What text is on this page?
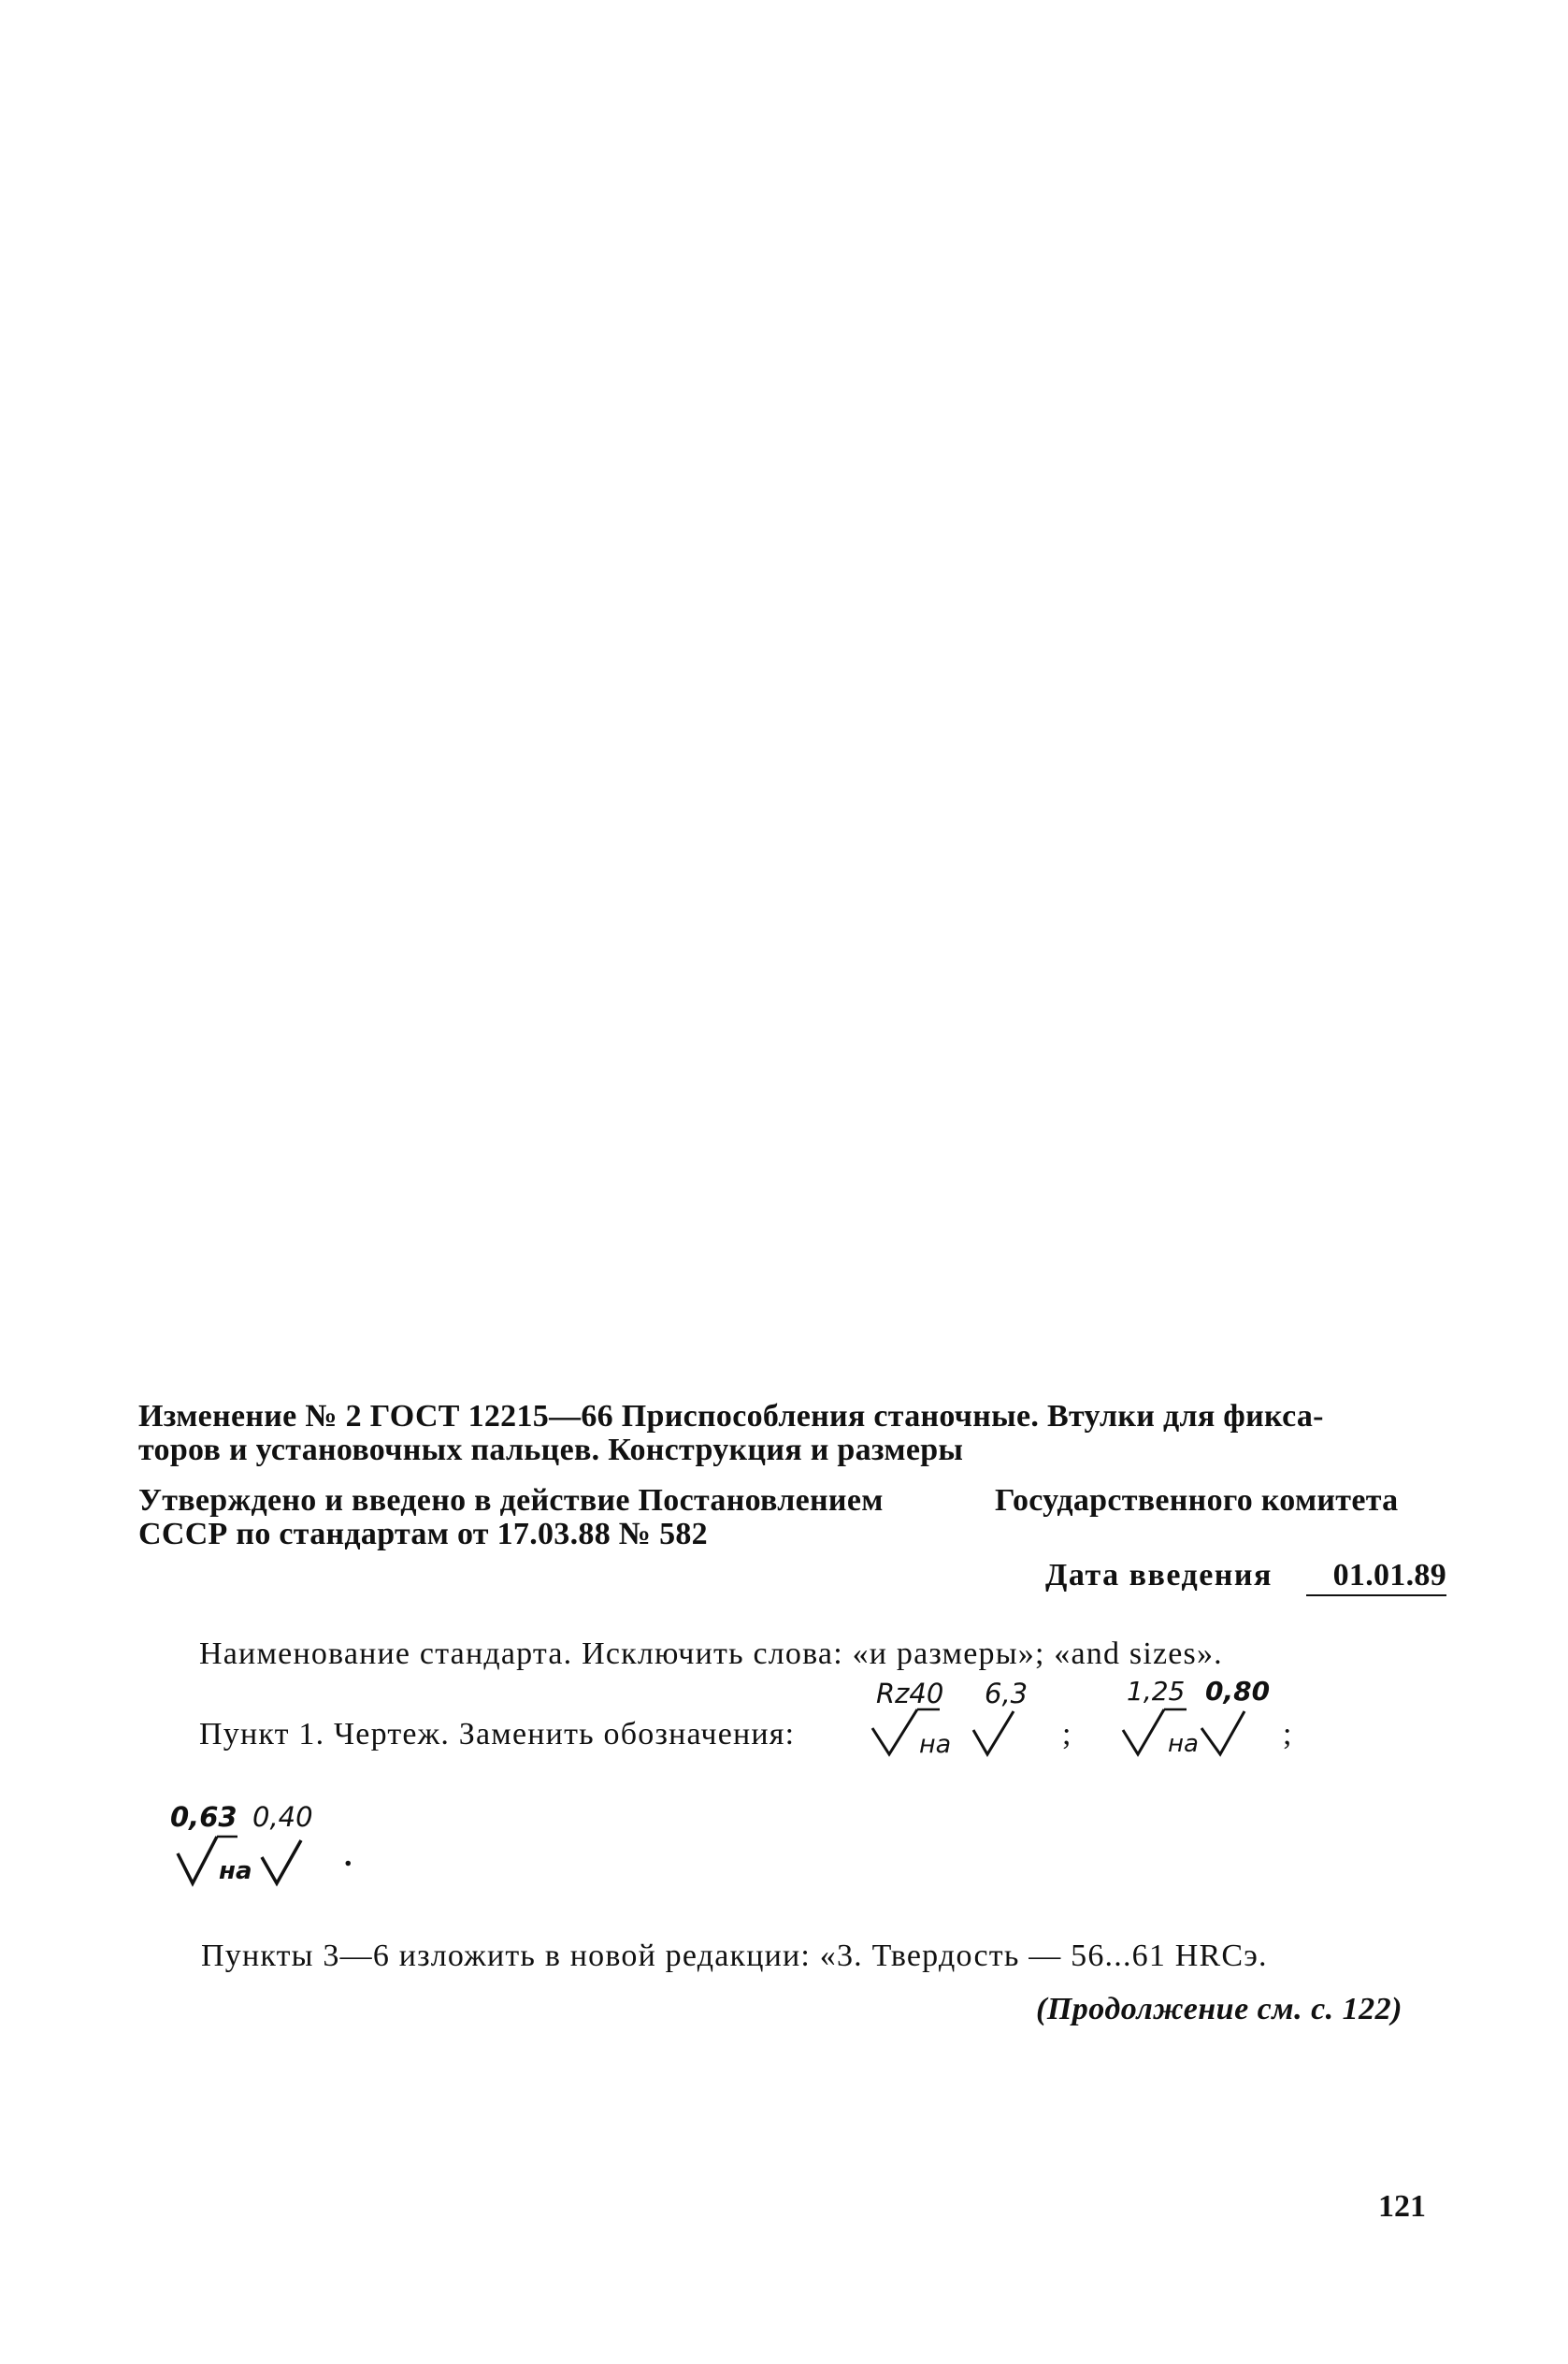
Изменение № 2 ГОСТ 12215—66 Приспособления станочные. Втулки для фикса-
торов и установочных пальцев. Конструкция и размеры
Утверждено и введено в действие Постановлением	Государственного комитета
СССР по стандартам от 17.03.88 № 582
Дата введения	01.01.89
Наименование стандарта. Исключить слова: «и размеры»; «and sizes».
Пункт 1. Чертеж. Заменить обозначения:
Rz40 6,3
на	;
1,25 0,80
на	;
0,63 0,40
на	.
Пункты 3—6 изложить в новой редакции: «3. Твердость — 56...61 HRCэ.
(Продолжение см. с. 122)
121
